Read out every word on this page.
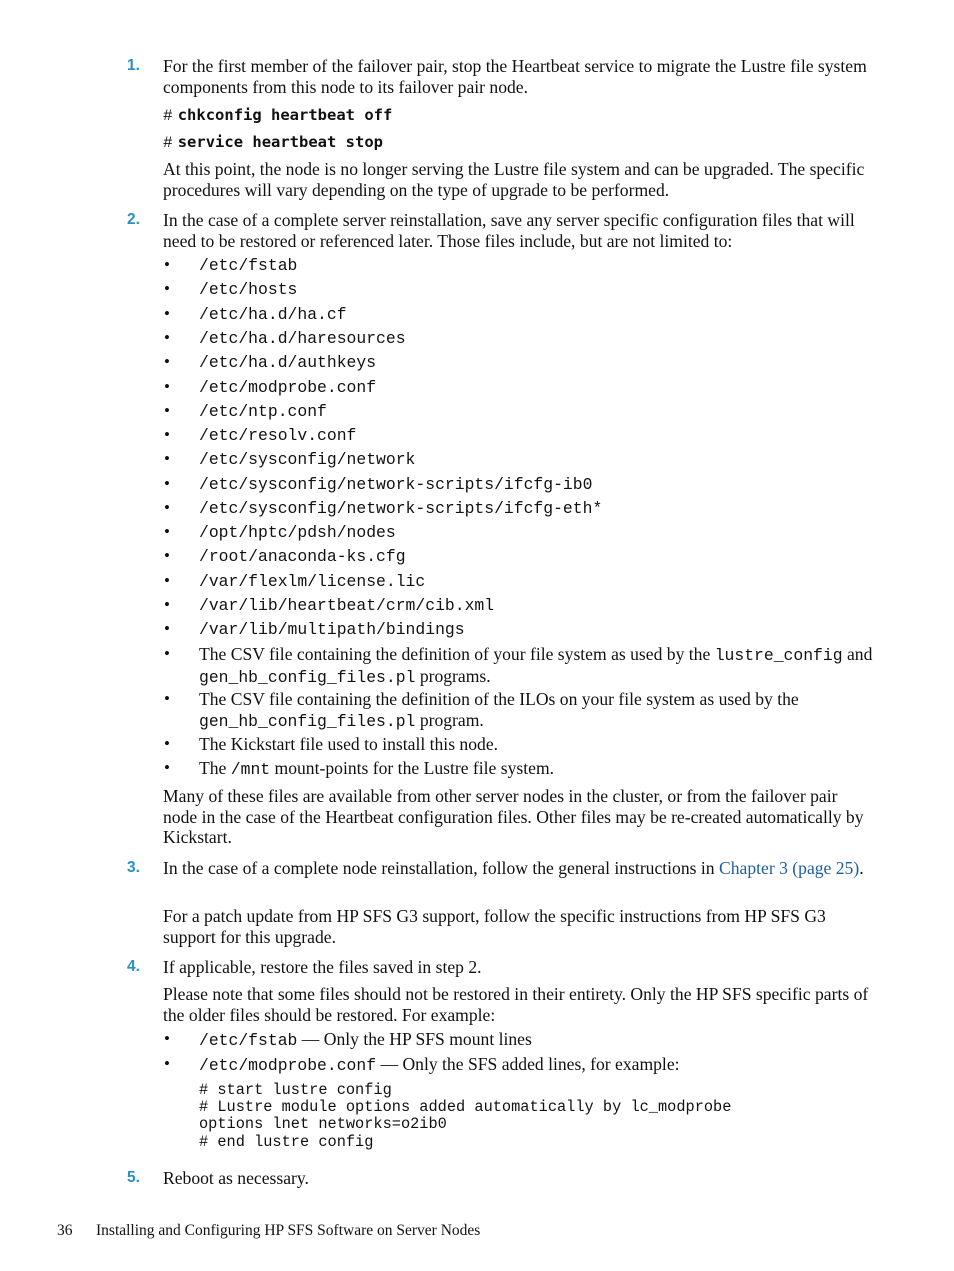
1.	For the first member of the failover pair, stop the Heartbeat service to migrate the Lustre file system components from this node to its failover pair node.
# chkconfig heartbeat off
# service heartbeat stop
At this point, the node is no longer serving the Lustre file system and can be upgraded. The specific procedures will vary depending on the type of upgrade to be performed.
2.	In the case of a complete server reinstallation, save any server specific configuration files that will need to be restored or referenced later. Those files include, but are not limited to:
• /etc/fstab
• /etc/hosts
• /etc/ha.d/ha.cf
• /etc/ha.d/haresources
• /etc/ha.d/authkeys
• /etc/modprobe.conf
• /etc/ntp.conf
• /etc/resolv.conf
• /etc/sysconfig/network
• /etc/sysconfig/network-scripts/ifcfg-ib0
• /etc/sysconfig/network-scripts/ifcfg-eth*
• /opt/hptc/pdsh/nodes
• /root/anaconda-ks.cfg
• /var/flexlm/license.lic
• /var/lib/heartbeat/crm/cib.xml
• /var/lib/multipath/bindings
• The CSV file containing the definition of your file system as used by the lustre_config and gen_hb_config_files.pl programs.
• The CSV file containing the definition of the ILOs on your file system as used by the gen_hb_config_files.pl program.
• The Kickstart file used to install this node.
• The /mnt mount-points for the Lustre file system.
Many of these files are available from other server nodes in the cluster, or from the failover pair node in the case of the Heartbeat configuration files. Other files may be re-created automatically by Kickstart.
3.	In the case of a complete node reinstallation, follow the general instructions in Chapter 3 (page 25).
For a patch update from HP SFS G3 support, follow the specific instructions from HP SFS G3 support for this upgrade.
4.	If applicable, restore the files saved in step 2.
Please note that some files should not be restored in their entirety. Only the HP SFS specific parts of the older files should be restored. For example:
• /etc/fstab — Only the HP SFS mount lines
• /etc/modprobe.conf — Only the SFS added lines, for example:
# start lustre config
# Lustre module options added automatically by lc_modprobe
options lnet networks=o2ib0
# end lustre config
5.	Reboot as necessary.
36 Installing and Configuring HP SFS Software on Server Nodes
